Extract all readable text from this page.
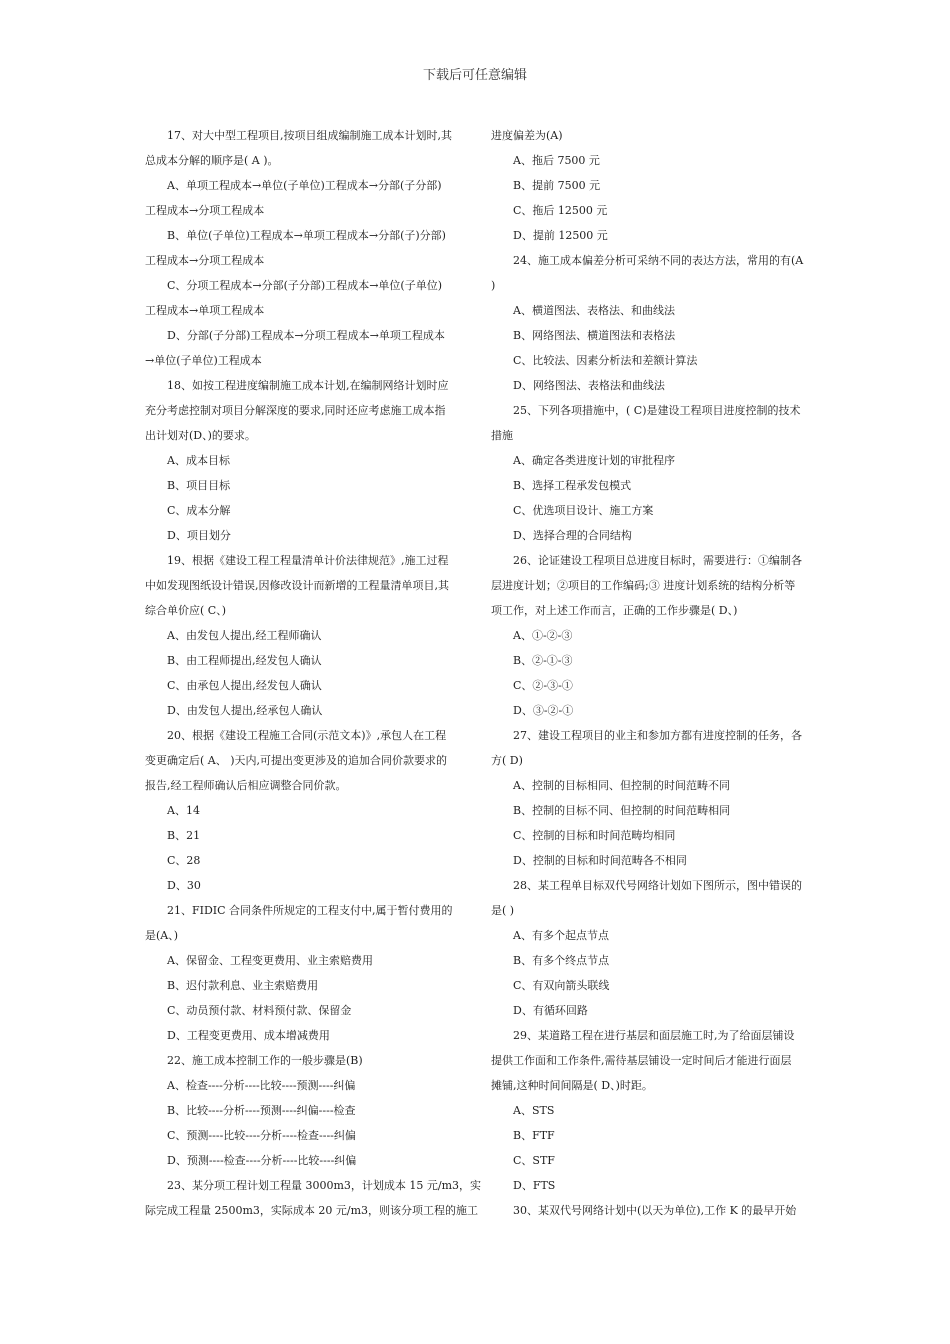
下载后可任意编辑
17、对大中型工程项目,按项目组成编制施工成本计划时,其
总成本分解的顺序是( A )。
A、单项工程成本→单位(子单位)工程成本→分部(子分部)
工程成本→分项工程成本
B、单位(子单位)工程成本→单项工程成本→分部(子)分部)
工程成本→分项工程成本
C、分项工程成本→分部(子分部)工程成本→单位(子单位)
工程成本→单项工程成本
D、分部(子分部)工程成本→分项工程成本→单项工程成本
→单位(子单位)工程成本
18、如按工程进度编制施工成本计划,在编制网络计划时应
充分考虑控制对项目分解深度的要求,同时还应考虑施工成本指
出计划对(D、)的要求。
A、成本目标
B、项目目标
C、成本分解
D、项目划分
19、根据《建设工程工程量清单计价法律规范》,施工过程
中如发现图纸设计错误,因修改设计而新增的工程量清单项目,其
综合单价应( C、)
A、由发包人提出,经工程师确认
B、由工程师提出,经发包人确认
C、由承包人提出,经发包人确认
D、由发包人提出,经承包人确认
20、根据《建设工程施工合同(示范文本)》,承包人在工程
变更确定后( A、 )天内,可提出变更涉及的追加合同价款要求的
报告,经工程师确认后相应调整合同价款。
A、14
B、21
C、28
D、30
21、FIDIC 合同条件所规定的工程支付中,属于暂付费用的
是(A、)
A、保留金、工程变更费用、业主索赔费用
B、迟付款利息、业主索赔费用
C、动员预付款、材料预付款、保留金
D、工程变更费用、成本增减费用
22、施工成本控制工作的一般步骤是(B)
A、检查----分析----比较----预测----纠偏
B、比较----分析----预测----纠偏----检查
C、预测----比较----分析----检查----纠偏
D、预测----检查----分析----比较----纠偏
23、某分项工程计划工程量 3000m3，计划成本 15 元/m3，实
际完成工程量 2500m3，实际成本 20 元/m3，则该分项工程的施工
进度偏差为(A)
A、拖后 7500 元
B、提前 7500 元
C、拖后 12500 元
D、提前 12500 元
24、施工成本偏差分析可采纳不同的表达方法，常用的有(A
)
A、横道图法、表格法、和曲线法
B、网络图法、横道图法和表格法
C、比较法、因素分析法和差额计算法
D、网络图法、表格法和曲线法
25、下列各项措施中，( C)是建设工程项目进度控制的技术
措施
A、确定各类进度计划的审批程序
B、选择工程承发包模式
C、优选项目设计、施工方案
D、选择合理的合同结构
26、论证建设工程项目总进度目标时，需要进行：①编制各
层进度计划；②项目的工作编码;③ 进度计划系统的结构分析等
项工作，对上述工作而言，正确的工作步骤是( D、)
A、①-②-③
B、②-①-③
C、②-③-①
D、③-②-①
27、建设工程项目的业主和参加方都有进度控制的任务，各
方( D)
A、控制的目标相同、但控制的时间范畴不同
B、控制的目标不同、但控制的时间范畴相同
C、控制的目标和时间范畴均相同
D、控制的目标和时间范畴各不相同
28、某工程单目标双代号网络计划如下图所示，图中错误的
是( )
A、有多个起点节点
B、有多个终点节点
C、有双向箭头联线
D、有循环回路
29、某道路工程在进行基层和面层施工时,为了给面层铺设
提供工作面和工作条件,需待基层铺设一定时间后才能进行面层
摊铺,这种时间间隔是( D、)时距。
A、STS
B、FTF
C、STF
D、FTS
30、某双代号网络计划中(以天为单位),工作 K 的最早开始
